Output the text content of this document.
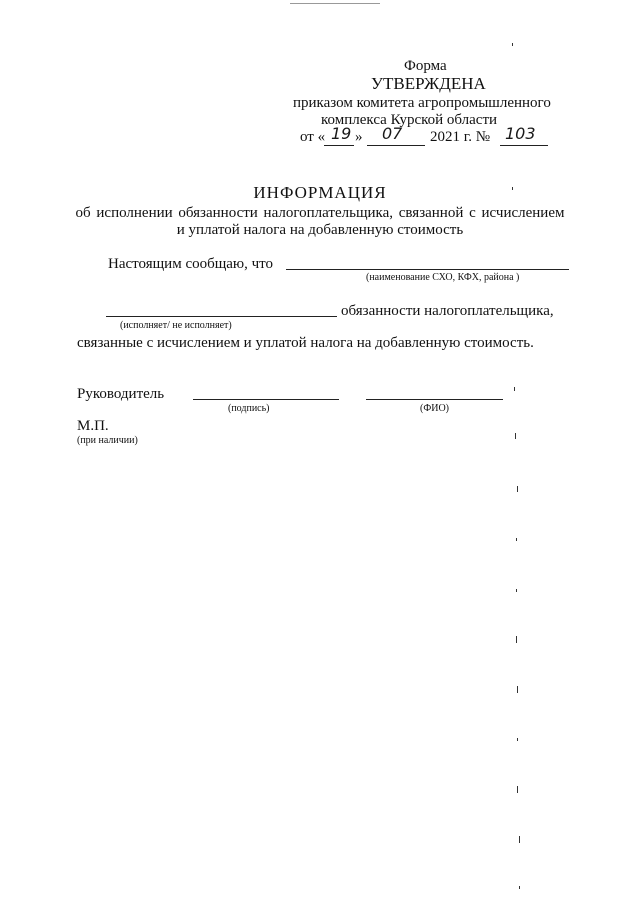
Форма
УТВЕРЖДЕНА
приказом комитета агропромышленного
комплекса Курской области
от « 19 » 07 2021 г. № 103
ИНФОРМАЦИЯ
об исполнении обязанности налогоплательщика, связанной с исчислением
и уплатой налога на добавленную стоимость
Настоящим сообщаю, что
(наименование СХО, КФХ, района )
обязанности налогоплательщика,
(исполняет/ не исполняет)
связанные с исчислением и уплатой налога на добавленную стоимость.
Руководитель
(подпись)	(ФИО)
М.П.
(при наличии)
